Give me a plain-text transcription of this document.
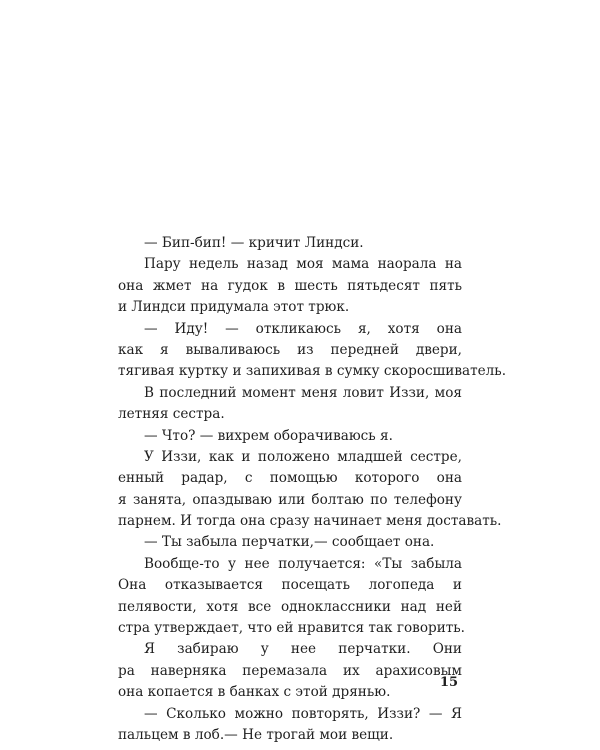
— Бип-бип! — кричит Линдси.
Пару недель назад моя мама наорала на
она жмет на гудок в шесть пятьдесят пять
и Линдси придумала этот трюк.
— Иду! — откликаюсь я, хотя она
как я вываливаюсь из передней двери,
тягивая куртку и запихивая в сумку скоросшиватель.
В последний момент меня ловит Иззи, моя
летняя сестра.
— Что? — вихрем оборачиваюсь я.
У Иззи, как и положено младшей сестре,
енный радар, с помощью которого она
я занята, опаздываю или болтаю по телефону
парнем. И тогда она сразу начинает меня доставать.
— Ты забыла перчатки,— сообщает она.
Вообще-то у нее получается: «Ты забыла
Она отказывается посещать логопеда и
пелявости, хотя все одноклассники над ней
стра утверждает, что ей нравится так говорить.
Я забираю у нее перчатки. Они
ра наверняка перемазала их арахисовым
она копается в банках с этой дрянью.
— Сколько можно повторять, Иззи? — Я
пальцем в лоб.— Не трогай мои вещи.
15
